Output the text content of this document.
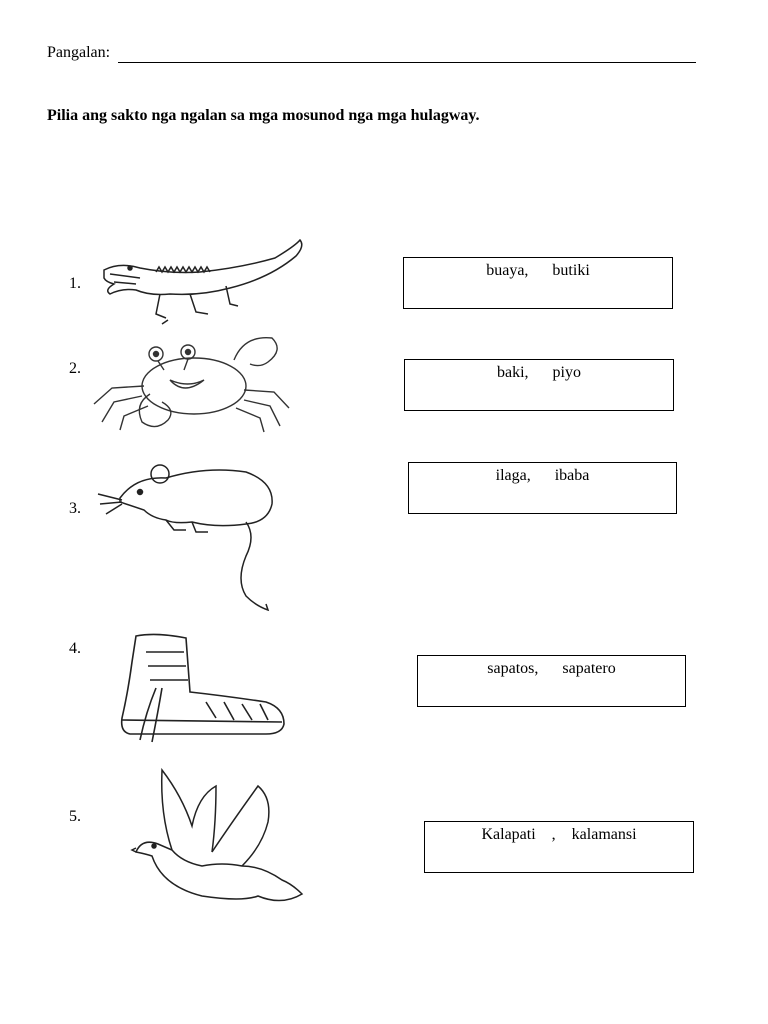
Pangalan:
Pilia ang sakto nga ngalan sa mga mosunod nga mga hulagway.
1.
buaya,      butiki
2.	baki,      piyo
3.
ilaga,      ibaba
4.
sapatos,      sapatero
5.
Kalapati    ,    kalamansi
